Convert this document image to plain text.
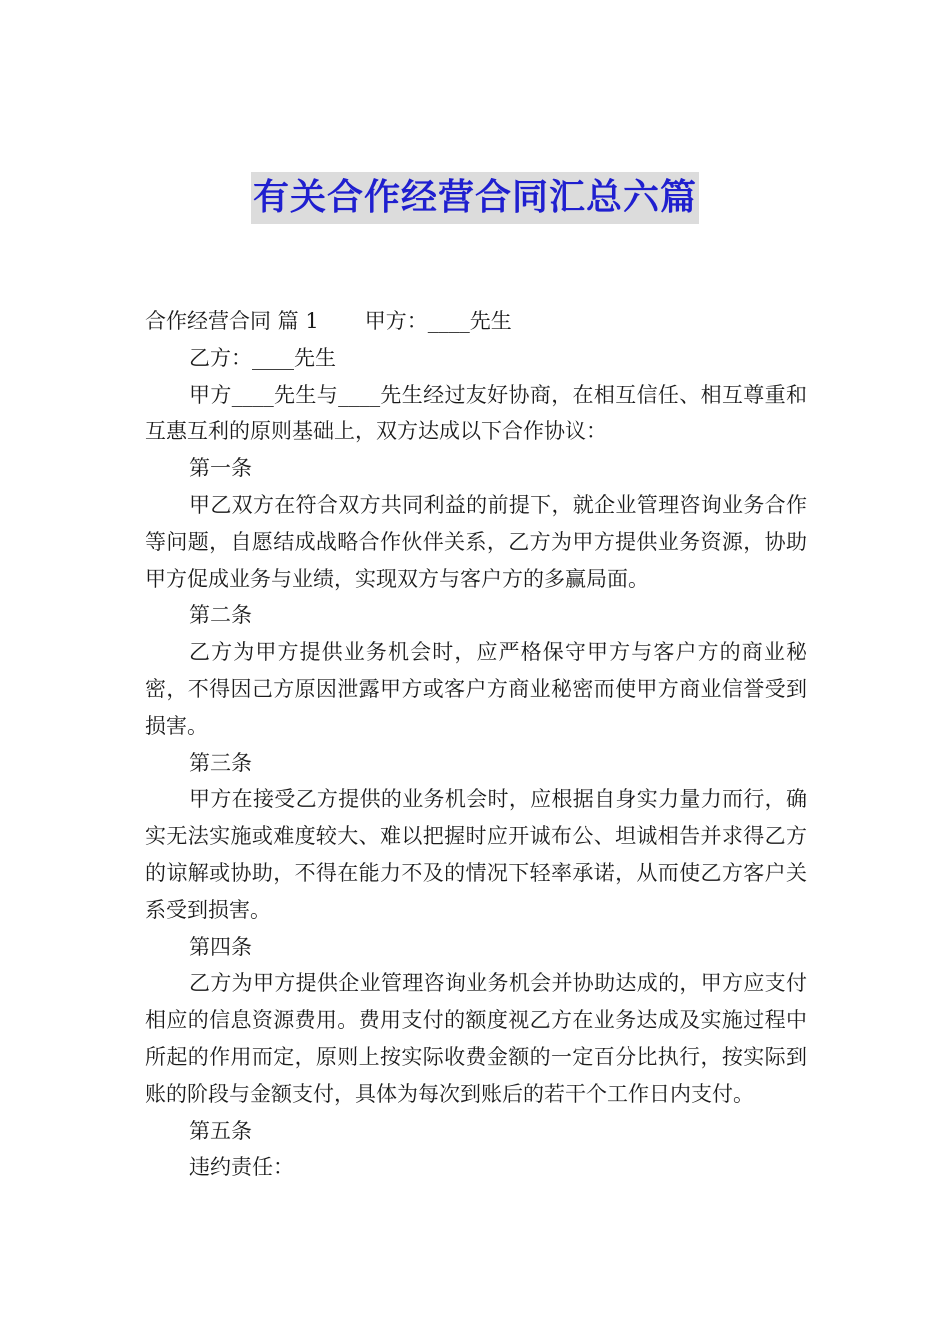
有关合作经营合同汇总六篇

合作经营合同 篇 1 甲方：____先生

乙方：____先生

甲方____先生与____先生经过友好协商，在相互信任、相互尊重和互惠互利的原则基础上，双方达成以下合作协议：

第一条

甲乙双方在符合双方共同利益的前提下，就企业管理咨询业务合作等问题，自愿结成战略合作伙伴关系，乙方为甲方提供业务资源，协助甲方促成业务与业绩，实现双方与客户方的多赢局面。

第二条

乙方为甲方提供业务机会时，应严格保守甲方与客户方的商业秘密，不得因己方原因泄露甲方或客户方商业秘密而使甲方商业信誉受到损害。

第三条

甲方在接受乙方提供的业务机会时，应根据自身实力量力而行，确实无法实施或难度较大、难以把握时应开诚布公、坦诚相告并求得乙方的谅解或协助，不得在能力不及的情况下轻率承诺，从而使乙方客户关系受到损害。

第四条

乙方为甲方提供企业管理咨询业务机会并协助达成的，甲方应支付相应的信息资源费用。费用支付的额度视乙方在业务达成及实施过程中所起的作用而定，原则上按实际收费金额的一定百分比执行，按实际到账的阶段与金额支付，具体为每次到账后的若干个工作日内支付。

第五条

违约责任：
